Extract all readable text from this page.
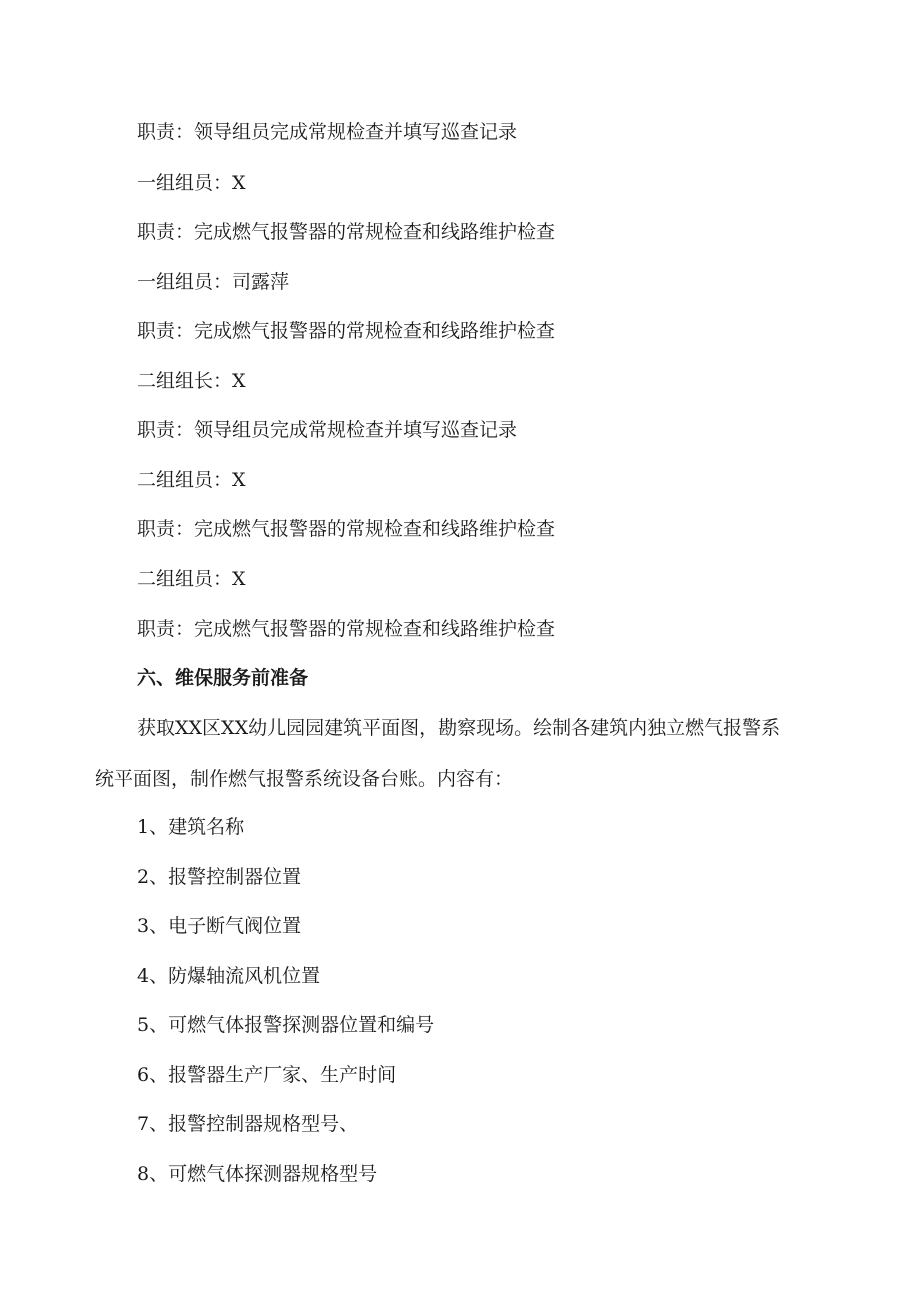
职责：领导组员完成常规检查并填写巡查记录
一组组员：X
职责：完成燃气报警器的常规检查和线路维护检查
一组组员：司露萍
职责：完成燃气报警器的常规检查和线路维护检查
二组组长：X
职责：领导组员完成常规检查并填写巡查记录
二组组员：X
职责：完成燃气报警器的常规检查和线路维护检查
二组组员：X
职责：完成燃气报警器的常规检查和线路维护检查
六、维保服务前准备
获取XX区XX幼儿园园建筑平面图，勘察现场。绘制各建筑内独立燃气报警系
统平面图，制作燃气报警系统设备台账。内容有：
1、建筑名称
2、报警控制器位置
3、电子断气阀位置
4、防爆轴流风机位置
5、可燃气体报警探测器位置和编号
6、报警器生产厂家、生产时间
7、报警控制器规格型号、
8、可燃气体探测器规格型号
